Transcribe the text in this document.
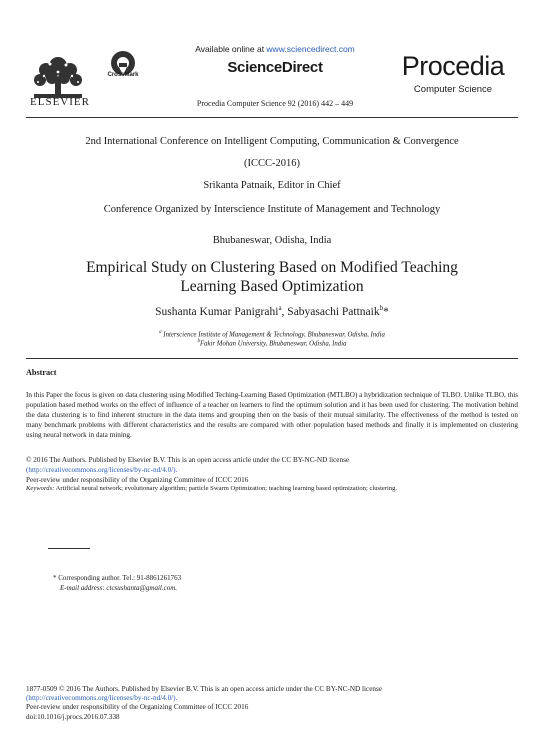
ELSEVIER
CrossMark
Available online at www.sciencedirect.com
ScienceDirect
Procedia Computer Science 92 (2016) 442 – 449
Procedia
Computer Science
2nd International Conference on Intelligent Computing, Communication & Convergence
(ICCC-2016)
Srikanta Patnaik, Editor in Chief
Conference Organized by Interscience Institute of Management and Technology
Bhubaneswar, Odisha, India
Empirical Study on Clustering Based on Modified Teaching Learning Based Optimization
Sushanta Kumar Panigrahi$^a$, Sabyasachi Pattnaik$^b$*
$^a$ Interscience Institute of Management & Technology, Bhubaneswar, Odisha, India
$^b$Fakir Mohan University, Bhubaneswar, Odisha, India
Abstract
In this Paper the focus is given on data clustering using Modified Teching-Learning Based Optimization (MTLBO) a hybridization technique of TLBO. Unlike TLBO, this population based method works on the effect of influence of a teacher on learners to find the optimum solution and it has been used for clustering. The motivation behind the data clustering is to find inherent structure in the data items and grouping then on the basis of their mutual similarity. The effectiveness of the method is tested on many benchmark problems with different characteristics and the results are compared with other population based methods and finally it is implemented on clustering using neural network in data mining.
© 2016 The Authors. Published by Elsevier B.V. This is an open access article under the CC BY-NC-ND license
(http://creativecommons.org/licenses/by-nc-nd/4.0/).
Peer-review under responsibility of the Organizing Committee of ICCC 2016
Keywords: Artificial neural network; evolutionary algorithm; particle Swarm Optimization; teaching learning based optimization; clustering.
* Corresponding author. Tel.: 91-8861261763
E-mail address: ctcsushanta@gmail.com.
1877-0509 © 2016 The Authors. Published by Elsevier B.V. This is an open access article under the CC BY-NC-ND license
(http://creativecommons.org/licenses/by-nc-nd/4.0/).
Peer-review under responsibility of the Organizing Committee of ICCC 2016
doi:10.1016/j.procs.2016.07.338
